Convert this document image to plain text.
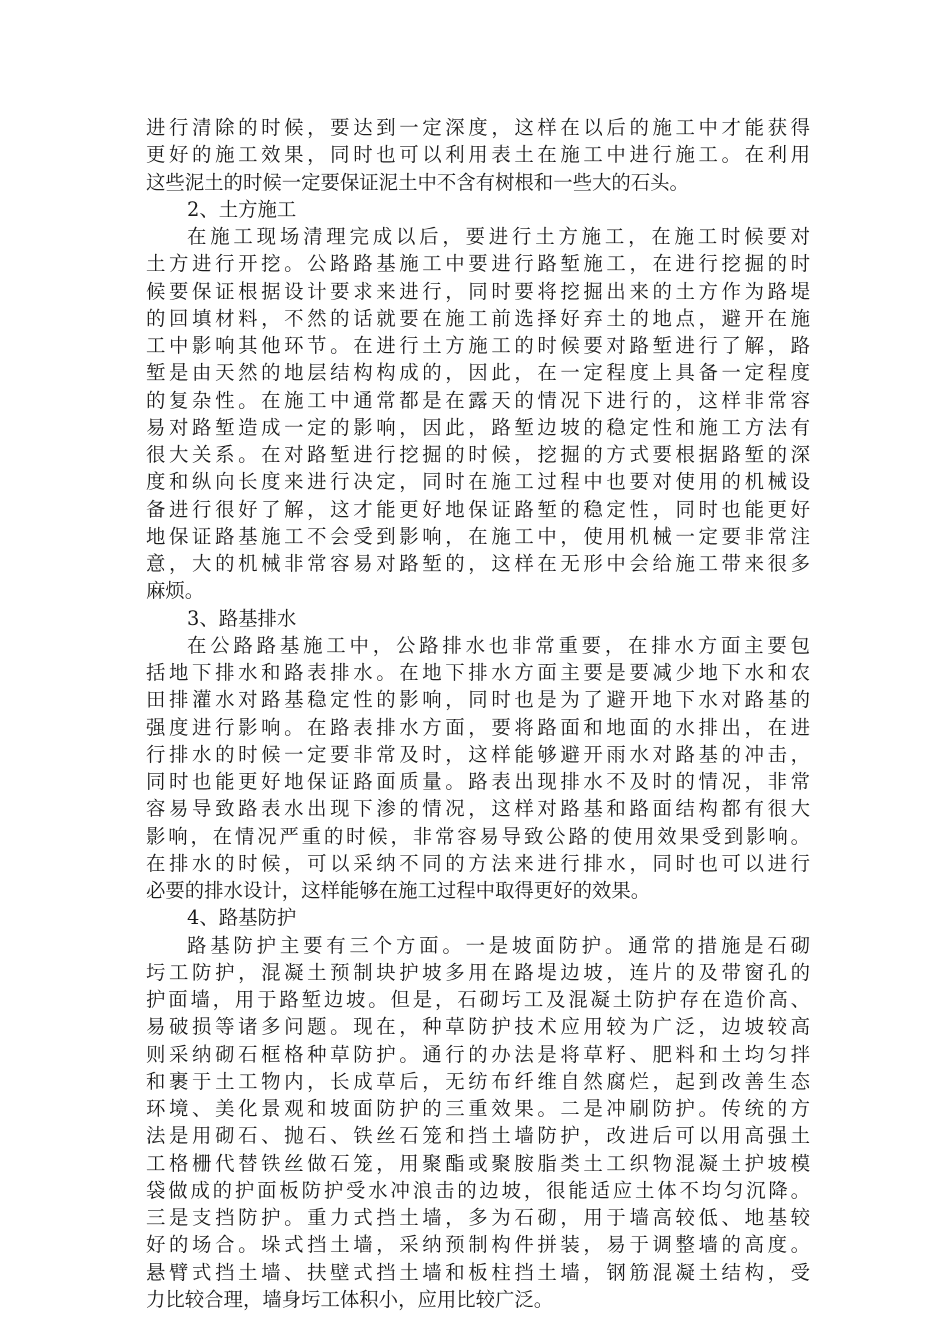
进行清除的时候，要达到一定深度，这样在以后的施工中才能获得
更好的施工效果，同时也可以利用表土在施工中进行施工。在利用
这些泥土的时候一定要保证泥土中不含有树根和一些大的石头。
2、土方施工
在施工现场清理完成以后，要进行土方施工，在施工时候要对
土方进行开挖。公路路基施工中要进行路堑施工，在进行挖掘的时
候要保证根据设计要求来进行，同时要将挖掘出来的土方作为路堤
的回填材料，不然的话就要在施工前选择好弃土的地点，避开在施
工中影响其他环节。在进行土方施工的时候要对路堑进行了解，路
堑是由天然的地层结构构成的，因此，在一定程度上具备一定程度
的复杂性。在施工中通常都是在露天的情况下进行的，这样非常容
易对路堑造成一定的影响，因此，路堑边坡的稳定性和施工方法有
很大关系。在对路堑进行挖掘的时候，挖掘的方式要根据路堑的深
度和纵向长度来进行决定，同时在施工过程中也要对使用的机械设
备进行很好了解，这才能更好地保证路堑的稳定性，同时也能更好
地保证路基施工不会受到影响，在施工中，使用机械一定要非常注
意，大的机械非常容易对路堑的，这样在无形中会给施工带来很多
麻烦。
3、路基排水
在公路路基施工中，公路排水也非常重要，在排水方面主要包
括地下排水和路表排水。在地下排水方面主要是要减少地下水和农
田排灌水对路基稳定性的影响，同时也是为了避开地下水对路基的
强度进行影响。在路表排水方面，要将路面和地面的水排出，在进
行排水的时候一定要非常及时，这样能够避开雨水对路基的冲击，
同时也能更好地保证路面质量。路表出现排水不及时的情况，非常
容易导致路表水出现下渗的情况，这样对路基和路面结构都有很大
影响，在情况严重的时候，非常容易导致公路的使用效果受到影响。
在排水的时候，可以采纳不同的方法来进行排水，同时也可以进行
必要的排水设计，这样能够在施工过程中取得更好的效果。
4、路基防护
路基防护主要有三个方面。一是坡面防护。通常的措施是石砌
圬工防护，混凝土预制块护坡多用在路堤边坡，连片的及带窗孔的
护面墙，用于路堑边坡。但是，石砌圬工及混凝土防护存在造价高、
易破损等诸多问题。现在，种草防护技术应用较为广泛，边坡较高
则采纳砌石框格种草防护。通行的办法是将草籽、肥料和土均匀拌
和裹于土工物内，长成草后，无纺布纤维自然腐烂，起到改善生态
环境、美化景观和坡面防护的三重效果。二是冲刷防护。传统的方
法是用砌石、抛石、铁丝石笼和挡土墙防护，改进后可以用高强土
工格栅代替铁丝做石笼，用聚酯或聚胺脂类土工织物混凝土护坡模
袋做成的护面板防护受水冲浪击的边坡，很能适应土体不均匀沉降。
三是支挡防护。重力式挡土墙，多为石砌，用于墙高较低、地基较
好的场合。垛式挡土墙，采纳预制构件拼装，易于调整墙的高度。
悬臂式挡土墙、扶壁式挡土墙和板柱挡土墙，钢筋混凝土结构，受
力比较合理，墙身圬工体积小，应用比较广泛。
